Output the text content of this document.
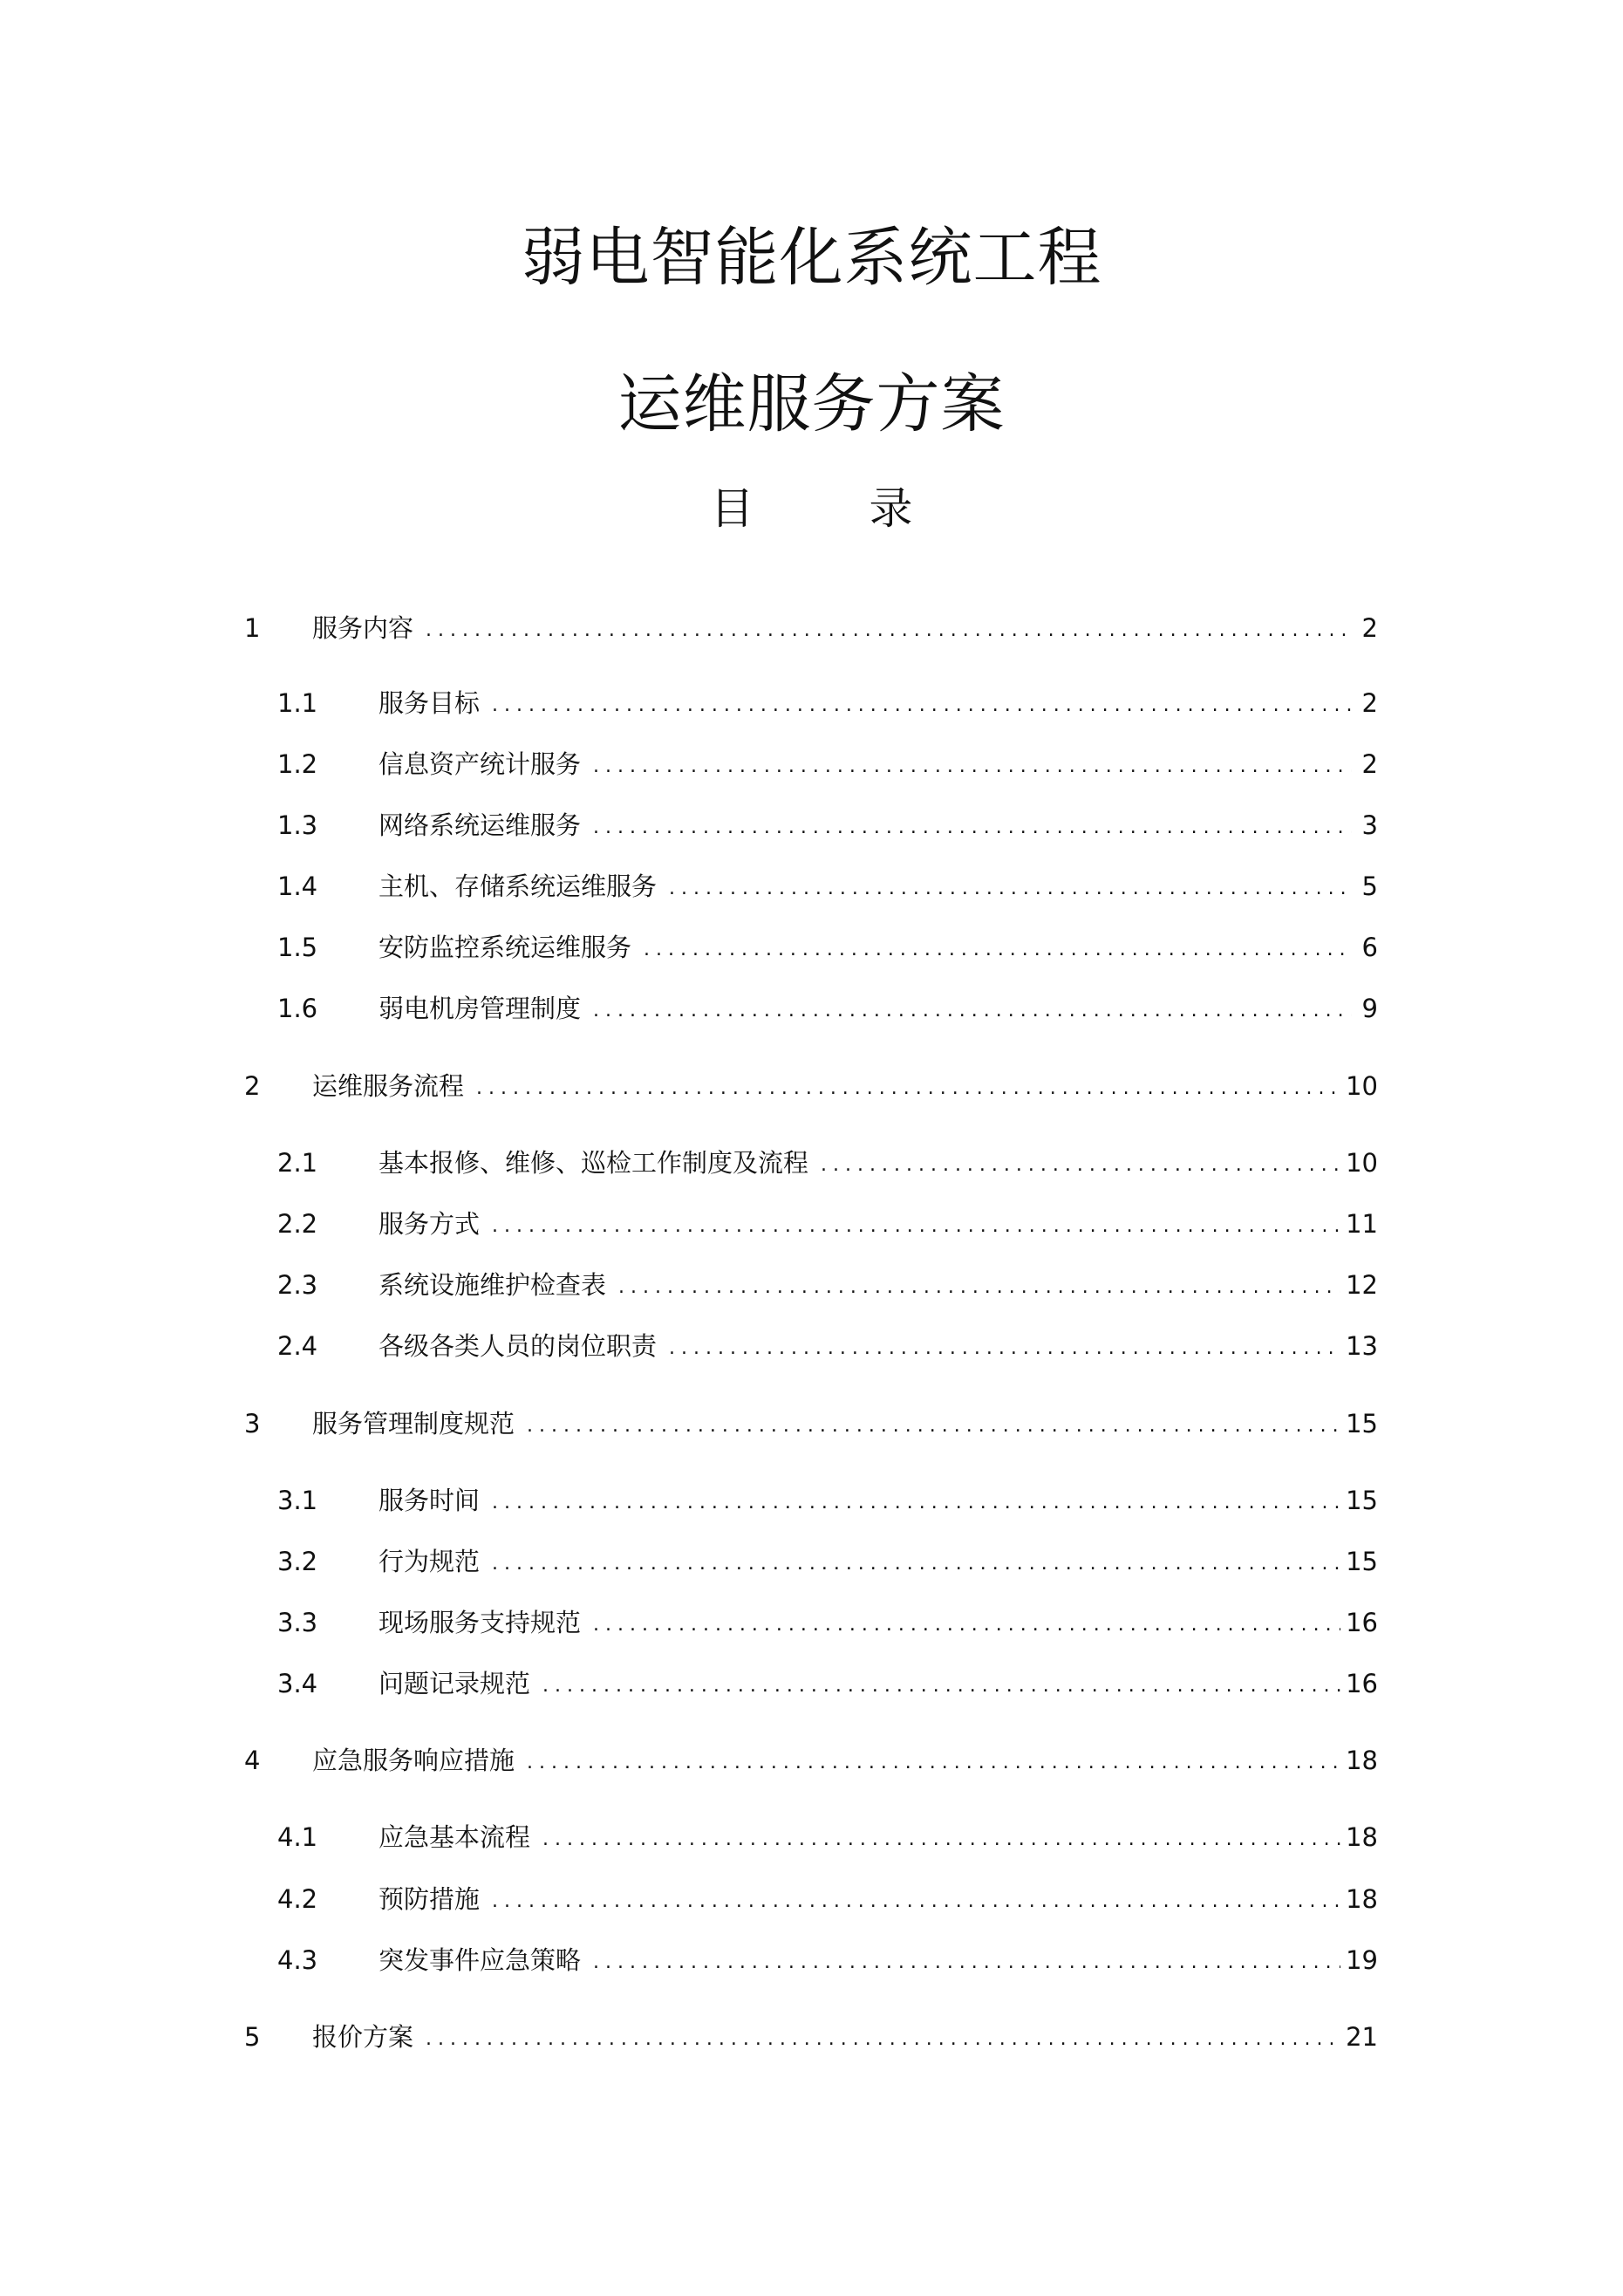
弱电智能化系统工程
运维服务方案
目 录
1	服务内容 .....	2
1.1	服务目标 .....	2
1.2	信息资产统计服务 .....	2
1.3	网络系统运维服务 .....	3
1.4	主机、存储系统运维服务 .....	5
1.5	安防监控系统运维服务 .....	6
1.6	弱电机房管理制度 .....	9
2	运维服务流程 .....	10
2.1	基本报修、维修、巡检工作制度及流程 .....	10
2.2	服务方式 .....	11
2.3	系统设施维护检查表 .....	12
2.4	各级各类人员的岗位职责 .....	13
3	服务管理制度规范 .....	15
3.1	服务时间 .....	15
3.2	行为规范 .....	15
3.3	现场服务支持规范 .....	16
3.4	问题记录规范 .....	16
4	应急服务响应措施 .....	18
4.1	应急基本流程 .....	18
4.2	预防措施 .....	18
4.3	突发事件应急策略 .....	19
5	报价方案 .....	21
